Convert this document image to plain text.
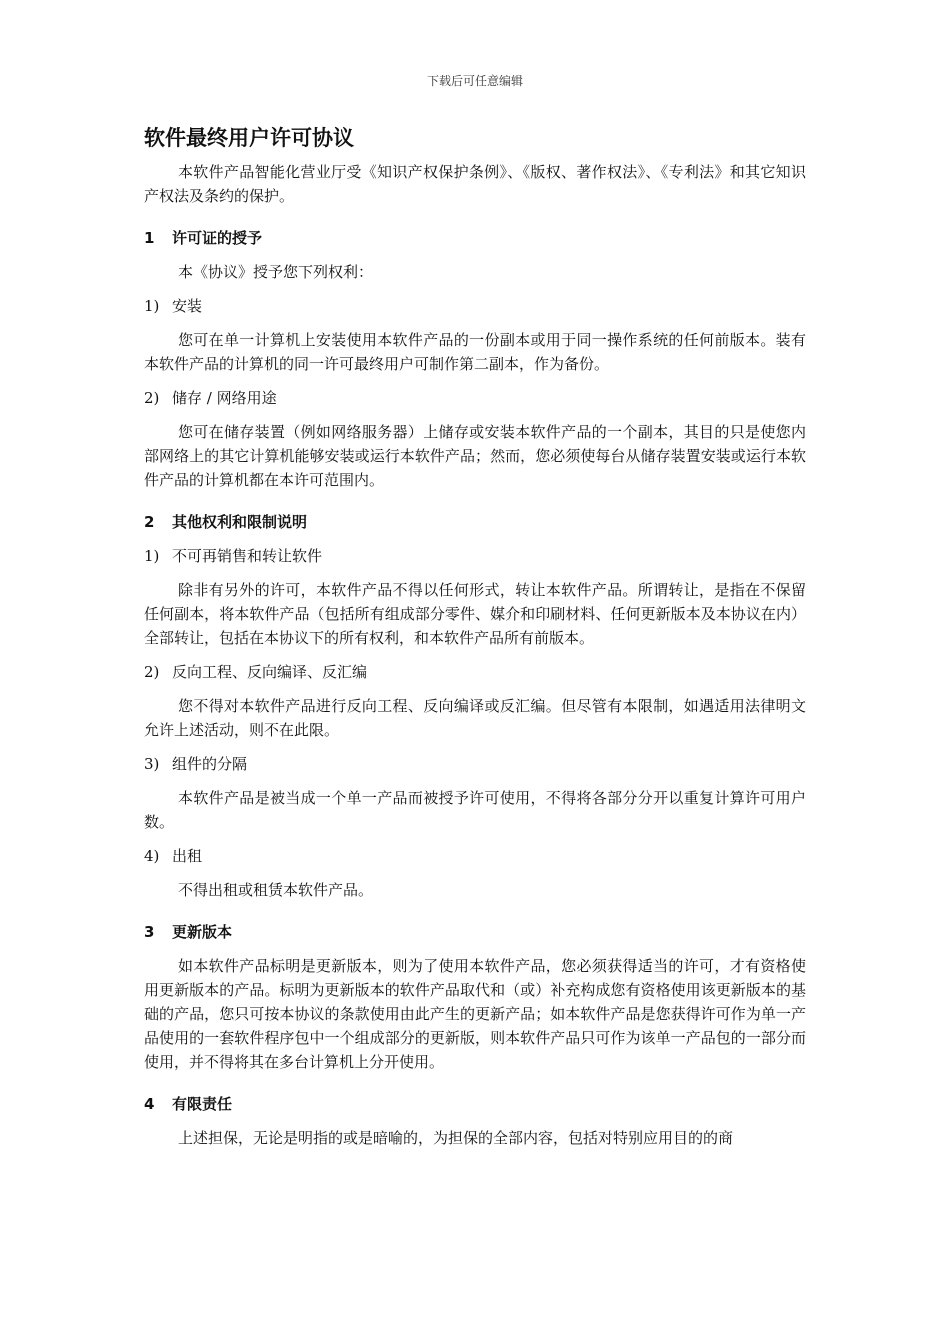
下载后可任意编辑
软件最终用户许可协议

本软件产品智能化营业厅受《知识产权保护条例》、《版权、著作权法》、《专利法》和其它知识产权法及条约的保护。

1 许可证的授予

本《协议》授予您下列权利：

1) 安装

您可在单一计算机上安装使用本软件产品的一份副本或用于同一操作系统的任何前版本。装有本软件产品的计算机的同一许可最终用户可制作第二副本，作为备份。

2) 储存 / 网络用途

您可在储存装置（例如网络服务器）上储存或安装本软件产品的一个副本，其目的只是使您内部网络上的其它计算机能够安装或运行本软件产品；然而，您必须使每台从储存装置安装或运行本软件产品的计算机都在本许可范围内。

2 其他权利和限制说明

1) 不可再销售和转让软件

除非有另外的许可，本软件产品不得以任何形式，转让本软件产品。所谓转让，是指在不保留任何副本，将本软件产品（包括所有组成部分零件、媒介和印刷材料、任何更新版本及本协议在内）全部转让，包括在本协议下的所有权利，和本软件产品所有前版本。

2) 反向工程、反向编译、反汇编

您不得对本软件产品进行反向工程、反向编译或反汇编。但尽管有本限制，如遇适用法律明文允许上述活动，则不在此限。

3) 组件的分隔

本软件产品是被当成一个单一产品而被授予许可使用，不得将各部分分开以重复计算许可用户数。

4) 出租

不得出租或租赁本软件产品。

3 更新版本

如本软件产品标明是更新版本，则为了使用本软件产品，您必须获得适当的许可，才有资格使用更新版本的产品。标明为更新版本的软件产品取代和（或）补充构成您有资格使用该更新版本的基础的产品，您只可按本协议的条款使用由此产生的更新产品；如本软件产品是您获得许可作为单一产品使用的一套软件程序包中一个组成部分的更新版，则本软件产品只可作为该单一产品包的一部分而使用，并不得将其在多台计算机上分开使用。

4 有限责任

上述担保，无论是明指的或是暗喻的，为担保的全部内容，包括对特别应用目的的商
